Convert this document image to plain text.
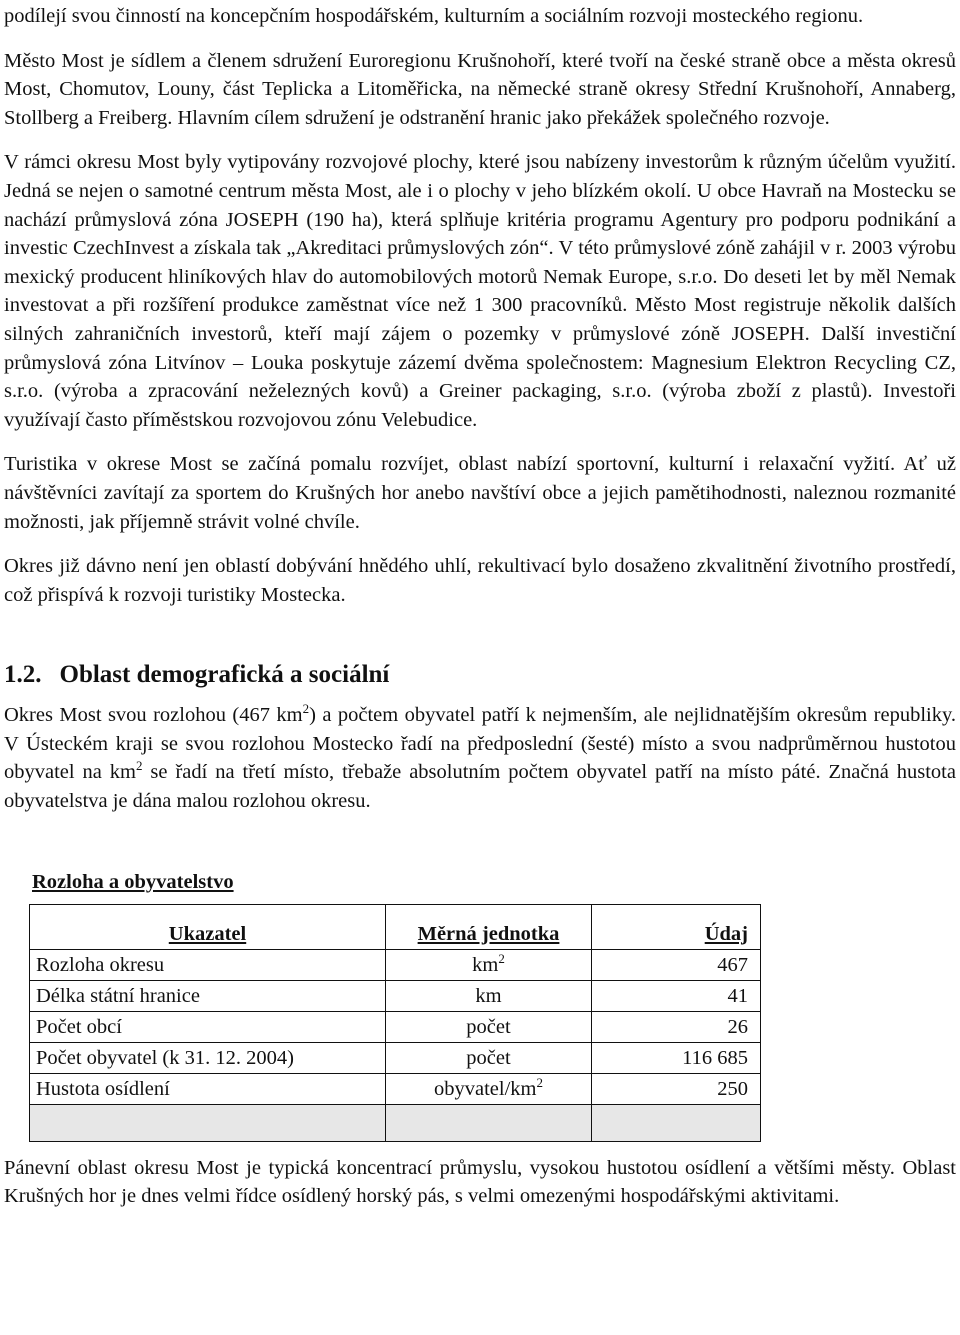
podílejí svou činností na koncepčním hospodářském, kulturním a sociálním rozvoji mosteckého regionu.

Město Most je sídlem a členem sdružení Euroregionu Krušnohoří, které tvoří na české straně obce a města okresů Most, Chomutov, Louny, část Teplicka a Litoměřicka, na německé straně okresy Střední Krušnohoří, Annaberg, Stollberg a Freiberg. Hlavním cílem sdružení je odstranění hranic jako překážek společného rozvoje.

V rámci okresu Most byly vytipovány rozvojové plochy, které jsou nabízeny investorům k různým účelům využití. Jedná se nejen o samotné centrum města Most, ale i o plochy v jeho blízkém okolí. U obce Havraň na Mostecku se nachází průmyslová zóna JOSEPH (190 ha), která splňuje kritéria programu Agentury pro podporu podnikání a investic CzechInvest a získala tak „Akreditaci průmyslových zón“. V této průmyslové zóně zahájil v r. 2003 výrobu mexický producent hliníkových hlav do automobilových motorů Nemak Europe, s.r.o. Do deseti let by měl Nemak investovat a při rozšíření produkce zaměstnat více než 1 300 pracovníků. Město Most registruje několik dalších silných zahraničních investorů, kteří mají zájem o pozemky v průmyslové zóně JOSEPH. Další investiční průmyslová zóna Litvínov – Louka poskytuje zázemí dvěma společnostem: Magnesium Elektron Recycling CZ, s.r.o. (výroba a zpracování neželezných kovů) a Greiner packaging, s.r.o. (výroba zboží z plastů). Investoři využívají často příměstskou rozvojovou zónu Velebudice.

Turistika v okrese Most se začíná pomalu rozvíjet, oblast nabízí sportovní, kulturní i relaxační vyžití. Ať už návštěvníci zavítají za sportem do Krušných hor anebo navštíví obce a jejich pamětihodnosti, naleznou rozmanité možnosti, jak příjemně strávit volné chvíle.

Okres již dávno není jen oblastí dobývání hnědého uhlí, rekultivací bylo dosaženo zkvalitnění životního prostředí, což přispívá k rozvoji turistiky Mostecka.

1.2. Oblast demografická a sociální

Okres Most svou rozlohou (467 $km^2$) a počtem obyvatel patří k nejmenším, ale nejlidnatějším okresům republiky. V Ústeckém kraji se svou rozlohou Mostecko řadí na předposlední (šesté) místo a svou nadprůměrnou hustotou obyvatel na $km^2$ se řadí na třetí místo, třebaže absolutním počtem obyvatel patří na místo páté. Značná hustota obyvatelstva je dána malou rozlohou okresu.

Rozloha a obyvatelstvo

Ukazatel	Měrná jednotka	Údaj
Rozloha okresu	$km^2$	467
Délka státní hranice	km	41
Počet obcí	počet	26
Počet obyvatel (k 31. 12. 2004)	počet	116 685
Hustota osídlení	obyvatel/$km^2$	250

Pánevní oblast okresu Most je typická koncentrací průmyslu, vysokou hustotou osídlení a většími městy. Oblast Krušných hor je dnes velmi řídce osídlený horský pás, s velmi omezenými hospodářskými aktivitami.
